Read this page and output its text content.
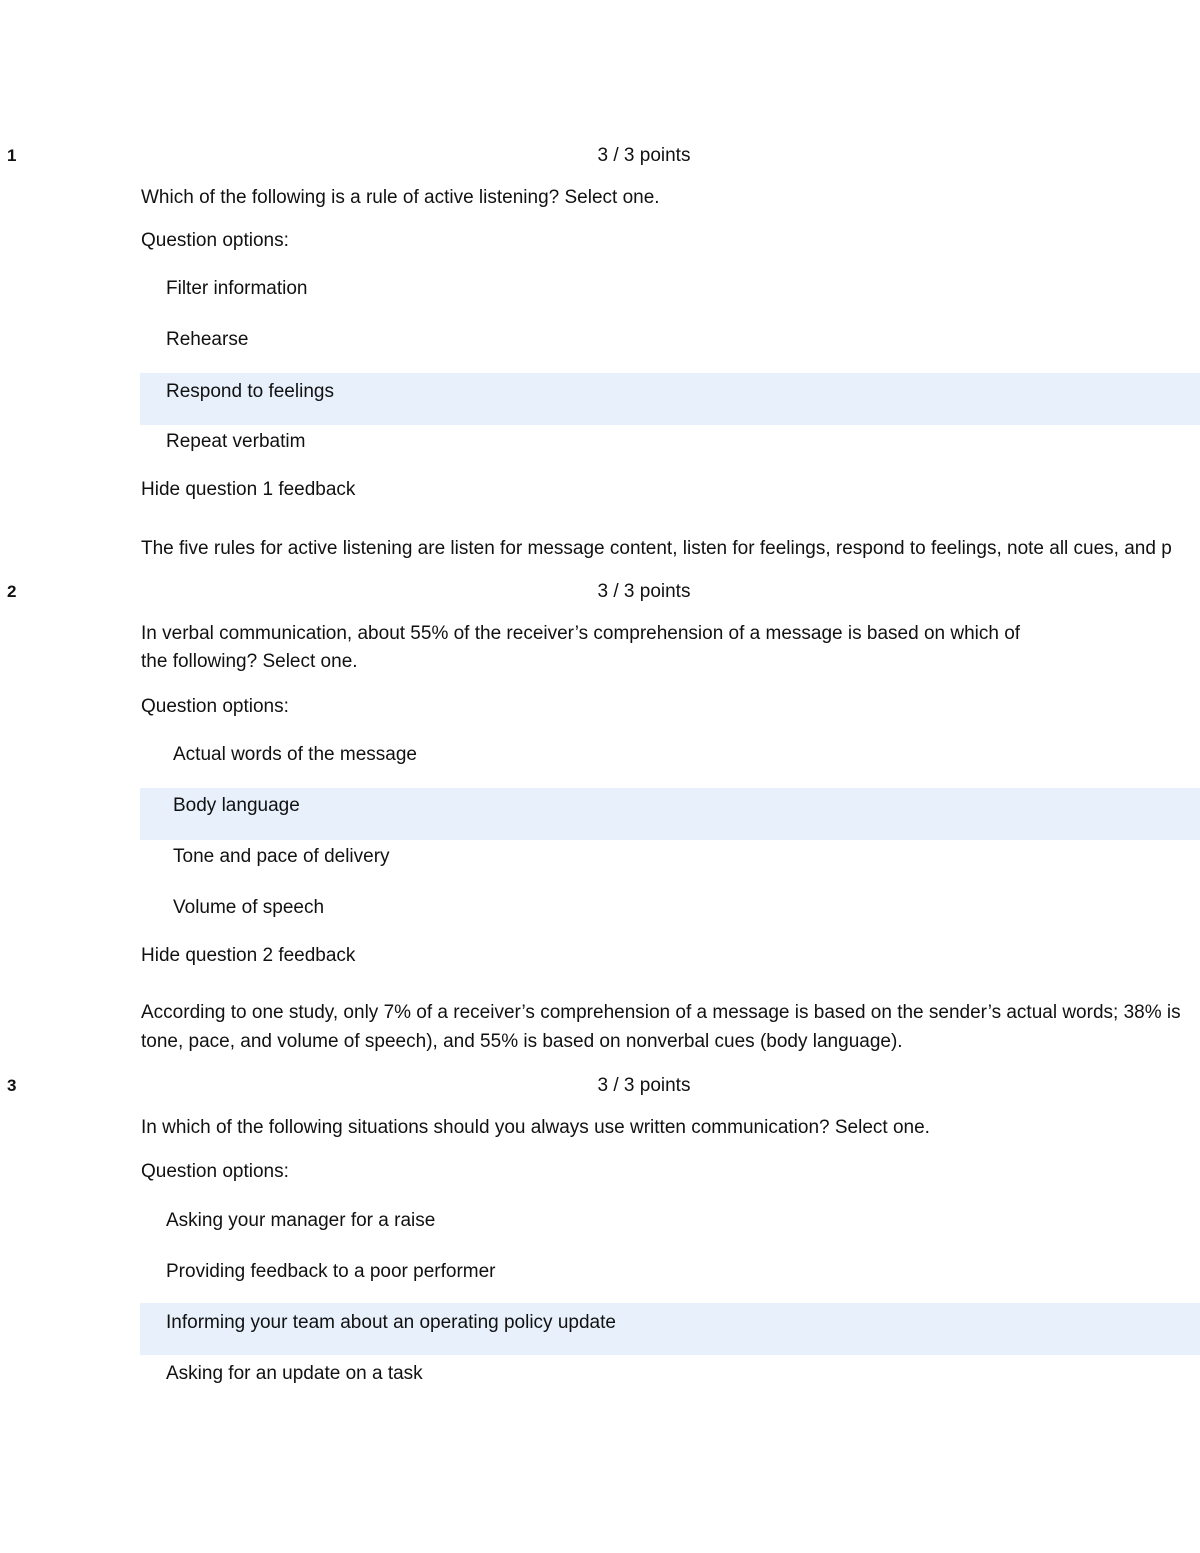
1	3 / 3 points
Which of the following is a rule of active listening? Select one.
Question options:
Filter information
Rehearse
Respond to feelings
Repeat verbatim
Hide question 1 feedback
The five rules for active listening are listen for message content, listen for feelings, respond to feelings, note all cues, and p
2	3 / 3 points
In verbal communication, about 55% of the receiver’s comprehension of a message is based on which of
the following? Select one.
Question options:
Actual words of the message
Body language
Tone and pace of delivery
Volume of speech
Hide question 2 feedback
According to one study, only 7% of a receiver’s comprehension of a message is based on the sender’s actual words; 38% is
tone, pace, and volume of speech), and 55% is based on nonverbal cues (body language).
3	3 / 3 points
In which of the following situations should you always use written communication? Select one.
Question options:
Asking your manager for a raise
Providing feedback to a poor performer
Informing your team about an operating policy update
Asking for an update on a task
